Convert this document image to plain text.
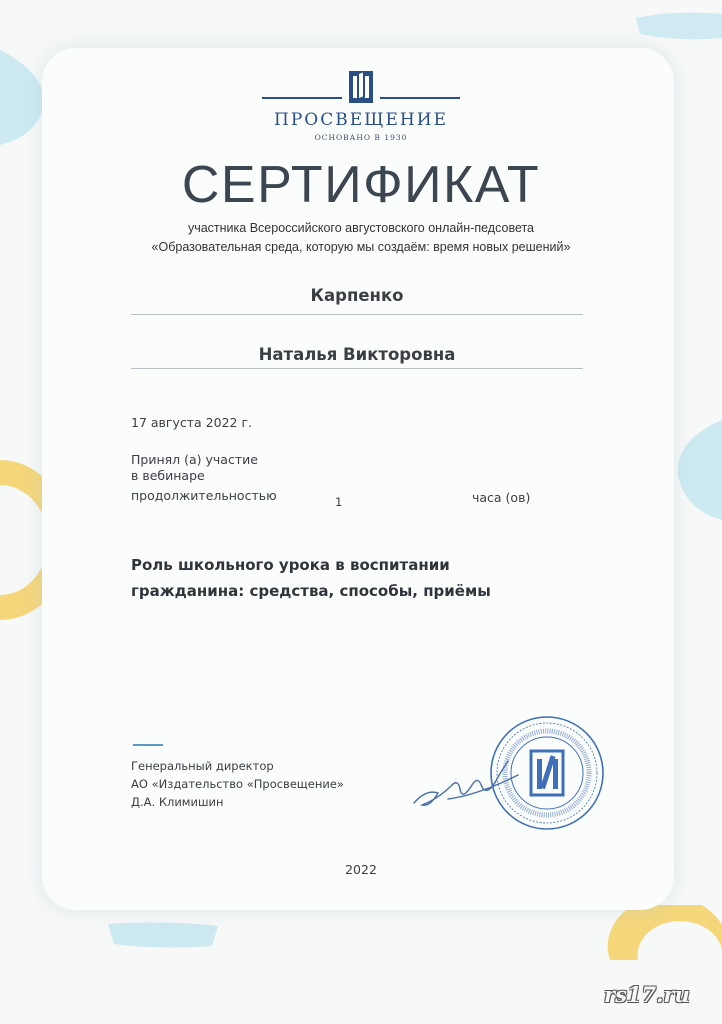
ПРОСВЕЩЕНИЕ
ОСНОВАНО В 1930
СЕРТИФИКАТ
участника Всероссийского августовского онлайн-педсовета
«Образовательная среда, которую мы создаём: время новых решений»
Карпенко
Наталья Викторовна
17 августа 2022 г.
Принял (а) участие
в вебинаре
продолжительностью	1	часа (ов)
Роль школьного урока в воспитании
гражданина: средства, способы, приёмы
Генеральный директор
АО «Издательство «Просвещение»
Д.А. Климишин
2022
rs17.ru
